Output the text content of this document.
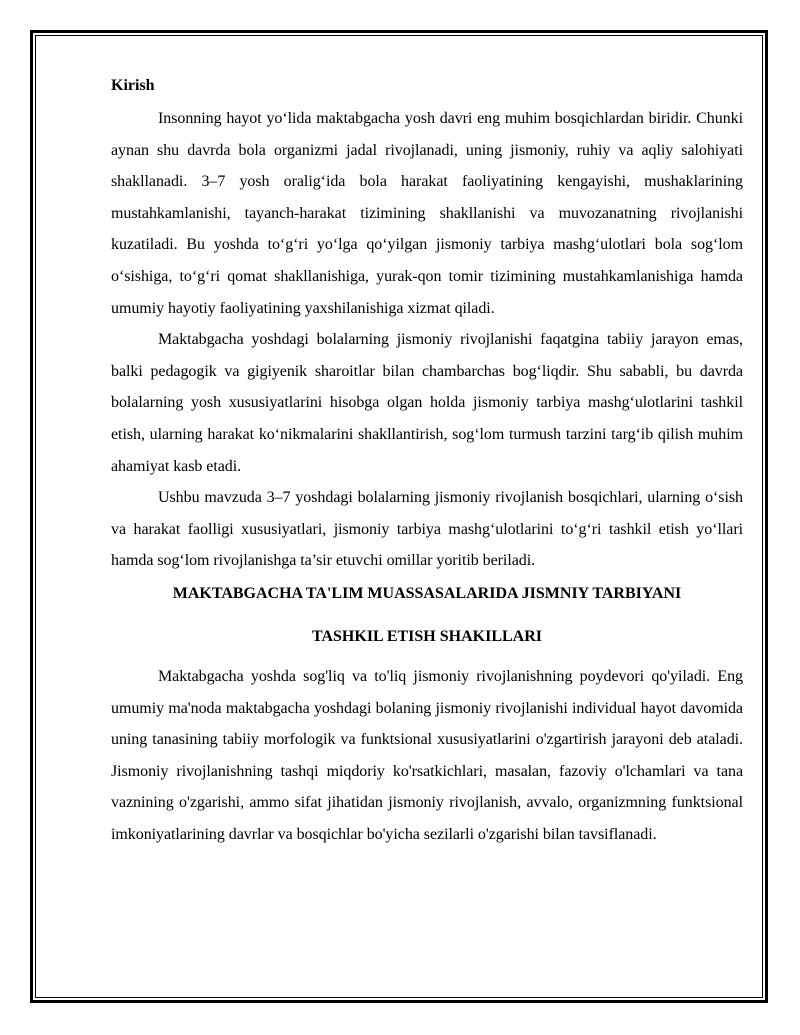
Kirish

Insonning hayot yo‘lida maktabgacha yosh davri eng muhim bosqichlardan biridir. Chunki aynan shu davrda bola organizmi jadal rivojlanadi, uning jismoniy, ruhiy va aqliy salohiyati shakllanadi. 3–7 yosh oralig‘ida bola harakat faoliyatining kengayishi, mushaklarining mustahkamlanishi, tayanch-harakat tizimining shakllanishi va muvozanatning rivojlanishi kuzatiladi. Bu yoshda to‘g‘ri yo‘lga qo‘yilgan jismoniy tarbiya mashg‘ulotlari bola sog‘lom o‘sishiga, to‘g‘ri qomat shakllanishiga, yurak-qon tomir tizimining mustahkamlanishiga hamda umumiy hayotiy faoliyatining yaxshilanishiga xizmat qiladi.

Maktabgacha yoshdagi bolalarning jismoniy rivojlanishi faqatgina tabiiy jarayon emas, balki pedagogik va gigiyenik sharoitlar bilan chambarchas bog‘liqdir. Shu sababli, bu davrda bolalarning yosh xususiyatlarini hisobga olgan holda jismoniy tarbiya mashg‘ulotlarini tashkil etish, ularning harakat ko‘nikmalarini shakllantirish, sog‘lom turmush tarzini targ‘ib qilish muhim ahamiyat kasb etadi.

Ushbu mavzuda 3–7 yoshdagi bolalarning jismoniy rivojlanish bosqichlari, ularning o‘sish va harakat faolligi xususiyatlari, jismoniy tarbiya mashg‘ulotlarini to‘g‘ri tashkil etish yo‘llari hamda sog‘lom rivojlanishga ta’sir etuvchi omillar yoritib beriladi.

MAKTABGACHA TA'LIM MUASSASALARIDA JISMNIY TARBIYANI
TASHKIL ETISH SHAKILLARI

Maktabgacha yoshda sog'liq va to'liq jismoniy rivojlanishning poydevori qo'yiladi. Eng umumiy ma'noda maktabgacha yoshdagi bolaning jismoniy rivojlanishi individual hayot davomida uning tanasining tabiiy morfologik va funktsional xususiyatlarini o'zgartirish jarayoni deb ataladi. Jismoniy rivojlanishning tashqi miqdoriy ko'rsatkichlari, masalan, fazoviy o'lchamlari va tana vaznining o'zgarishi, ammo sifat jihatidan jismoniy rivojlanish, avvalo, organizmning funktsional imkoniyatlarining davrlar va bosqichlar bo'yicha sezilarli o'zgarishi bilan tavsiflanadi.
